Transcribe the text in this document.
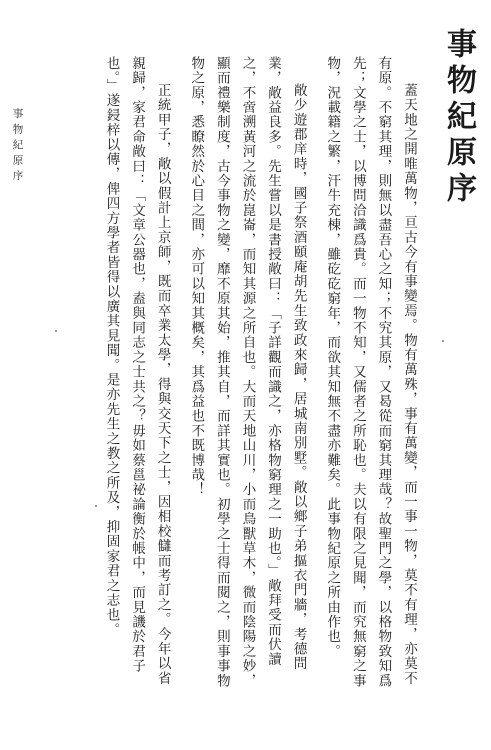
事物紀原序

蓋天地之開唯萬物，亘古今有事變焉。物有萬殊，事有萬變，而一事一物，莫不有理，亦莫不有原。不窮其理，則無以盡吾心之知；不究其原，又曷從而窮其理哉？故聖門之學，以格物致知爲先；文學之士，以博問洽識爲貴。而一物不知，又儒者之所恥也。夫以有限之見聞，而究無窮之事物，況載籍之繁，汗牛充棟，雖矻矻窮年，而欲其知無不盡亦難矣。此事物紀原之所由作也。

敞少遊郡庠時，國子祭酒頤庵胡先生致政來歸，居城南別墅。敞以鄉子弟摳衣門牆，考德問業，敞益良多。先生嘗以是書授敞曰：「子詳觀而識之，亦格物窮理之一助也。」敞拜受而伏讀之，不啻溯黃河之流於崑崙，而知其源之所自也。大而天地山川，小而鳥獸草木，微而陰陽之妙，顯而禮樂制度，古今事物之變，靡不原其始，推其自，而詳其實也。初學之士得而閱之，則事事物物之原，悉瞭然於心目之間，亦可以知其概矣，其爲益也不既博哉！

正統甲子，敞以假計上京師，既而卒業太學，得與交天下之士，因相校讎而考訂之。今年以省親歸，家君命敞曰：「文章公器也，盍與同志之士共之？毋如蔡邕祕論衡於帳中，而見譏於君子也。」遂鋟梓以傳，俾四方學者皆得以廣其見聞。是亦先生之教之所及，抑固家君之志也。

事物紀原序
